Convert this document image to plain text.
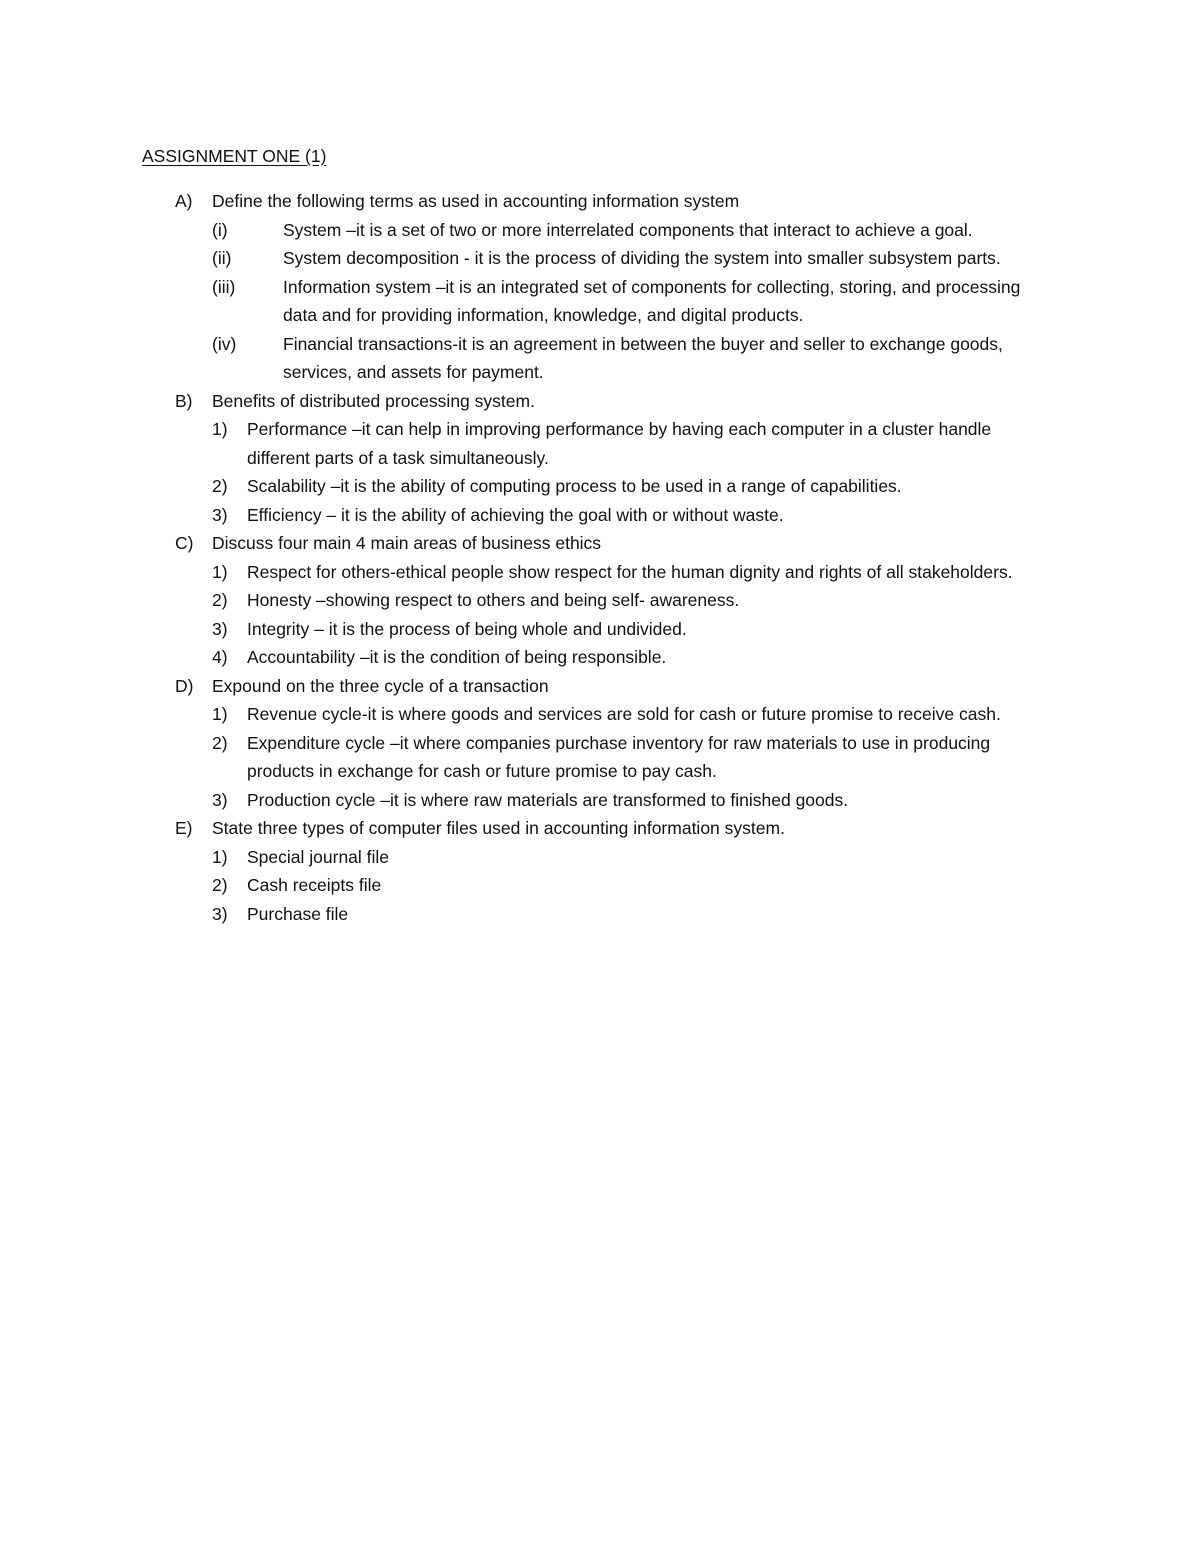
ASSIGNMENT ONE (1)
A) Define the following terms as used in accounting information system
(i)	System –it is a set of two or more interrelated components that interact to achieve a goal.
(ii)	System decomposition - it is the process of dividing the system into smaller subsystem parts.
(iii)	Information system –it is an integrated set of components for collecting, storing, and processing data and for providing information, knowledge, and digital products.
(iv)	Financial transactions-it is an agreement in between the buyer and seller to exchange goods, services, and assets for payment.
B) Benefits of distributed processing system.
1) Performance –it can help in improving performance by having each computer in a cluster handle different parts of a task simultaneously.
2) Scalability –it is the ability of computing process to be used in a range of capabilities.
3) Efficiency – it is the ability of achieving the goal with or without waste.
C) Discuss four main 4 main areas of business ethics
1) Respect for others-ethical people show respect for the human dignity and rights of all stakeholders.
2) Honesty –showing respect to others and being self- awareness.
3) Integrity – it is the process of being whole and undivided.
4) Accountability –it is the condition of being responsible.
D) Expound on the three cycle of a transaction
1) Revenue cycle-it is where goods and services are sold for cash or future promise to receive cash.
2) Expenditure cycle –it where companies purchase inventory for raw materials to use in producing products in exchange for cash or future promise to pay cash.
3) Production cycle –it is where raw materials are transformed to finished goods.
E) State three types of computer files used in accounting information system.
1) Special journal file
2) Cash receipts file
3) Purchase file
